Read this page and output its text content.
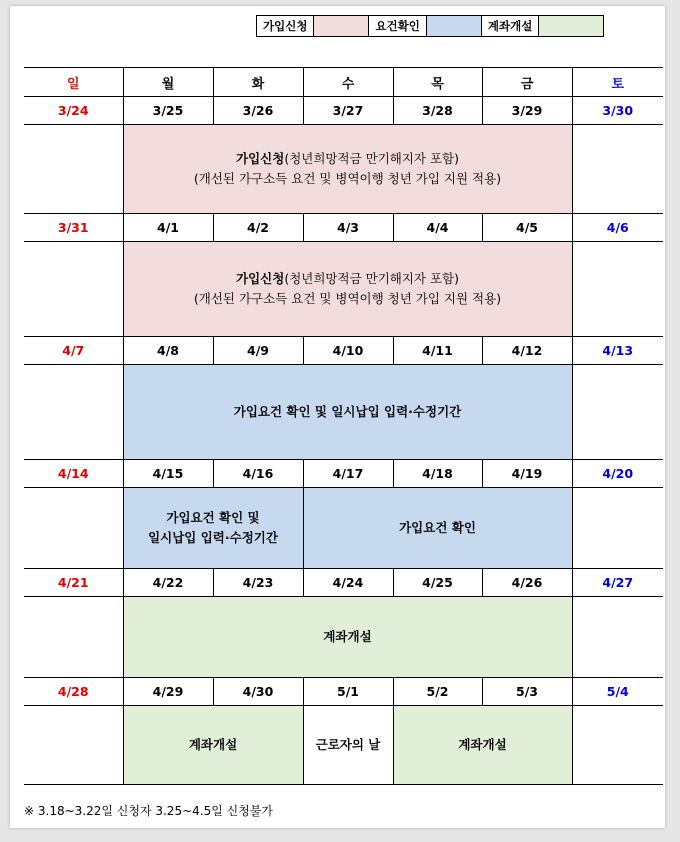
가입신청		요건확인		계좌개설	
일	월	화	수	목	금	토
3/24	3/25	3/26	3/27	3/28	3/29	3/30

	가입신청(청년희망적금 만기해지자 포함)
(개선된 가구소득 요건 및 병역이행 청년 가입 지원 적용)					

3/31	4/1	4/2	4/3	4/4	4/5	4/6

	가입신청(청년희망적금 만기해지자 포함)
(개선된 가구소득 요건 및 병역이행 청년 가입 지원 적용)					

4/7	4/8	4/9	4/10	4/11	4/12	4/13
	가입요건 확인 및 일시납입 입력·수정기간					
4/14	4/15	4/16	4/17	4/18	4/19	4/20

	가입요건 확인 및
일시납입 입력·수정기간		가입요건 확인			
4/21	4/22	4/23	4/24	4/25	4/26	4/27
	계좌개설					
4/28	4/29	4/30	5/1	5/2	5/3	5/4
	계좌개설		근로자의 날	계좌개설		
※ 3.18~3.22일 신청자 3.25~4.5일 신청불가
